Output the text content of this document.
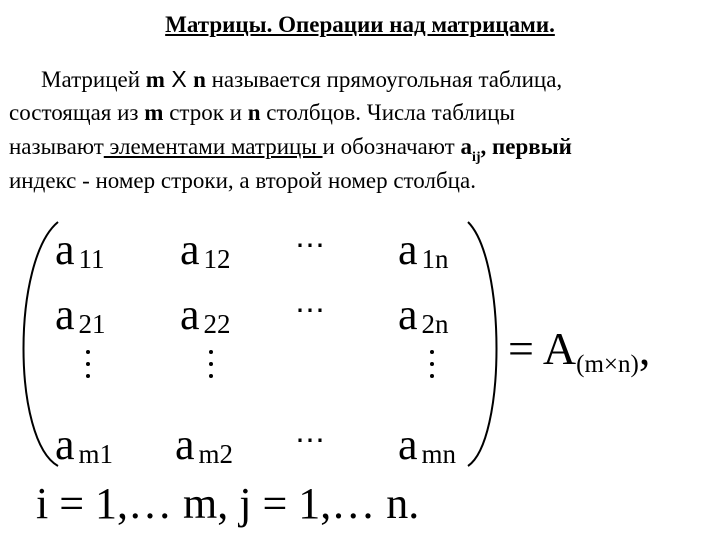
Матрицы. Операции над матрицами.
Матрицей m X n называется прямоугольная таблица,
состоящая из m строк и n столбцов. Числа таблицы
называют элементами матрицы и обозначают $a_{ij}$, первый
индекс - номер строки, а второй номер столбца.
a 11 a 12 ⋯ a 1n
a 21 a 22 ⋯ a 2n
am1 am2 ⋯ amn
= A(m×n),
i = 1,… m, j = 1,… n.
